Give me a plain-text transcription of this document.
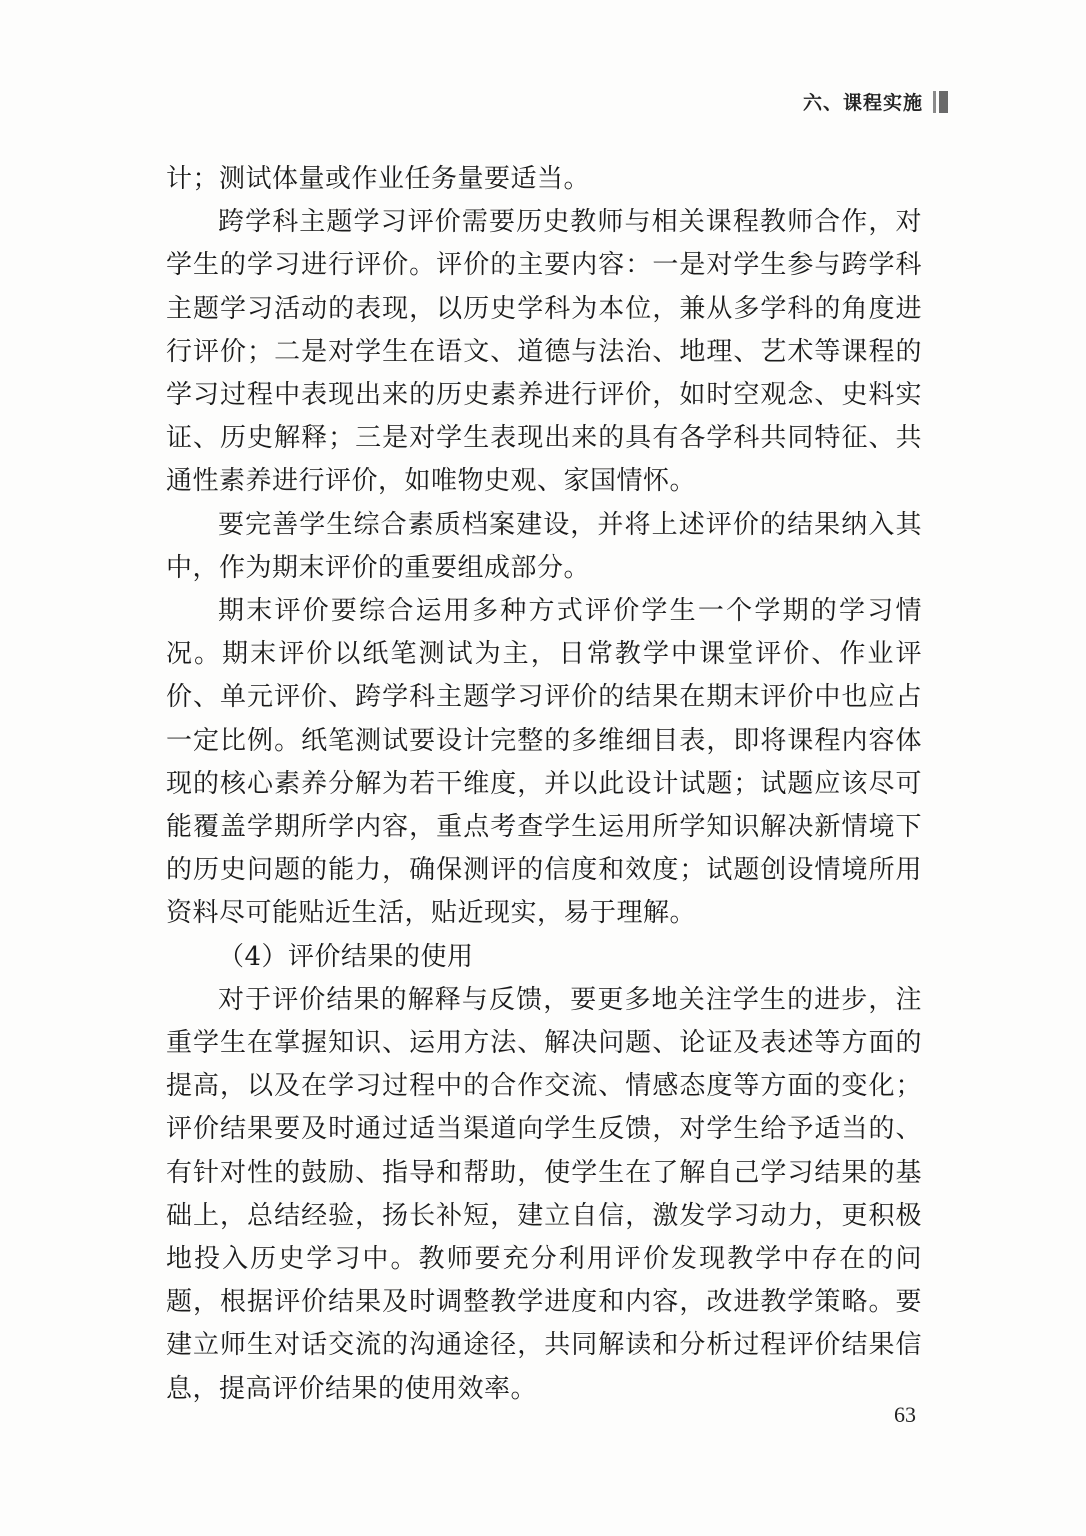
六、课程实施

计；测试体量或作业任务量要适当。

跨学科主题学习评价需要历史教师与相关课程教师合作，对学生的学习进行评价。评价的主要内容：一是对学生参与跨学科主题学习活动的表现，以历史学科为本位，兼从多学科的角度进行评价；二是对学生在语文、道德与法治、地理、艺术等课程的学习过程中表现出来的历史素养进行评价，如时空观念、史料实证、历史解释；三是对学生表现出来的具有各学科共同特征、共通性素养进行评价，如唯物史观、家国情怀。

要完善学生综合素质档案建设，并将上述评价的结果纳入其中，作为期末评价的重要组成部分。

期末评价要综合运用多种方式评价学生一个学期的学习情况。期末评价以纸笔测试为主，日常教学中课堂评价、作业评价、单元评价、跨学科主题学习评价的结果在期末评价中也应占一定比例。纸笔测试要设计完整的多维细目表，即将课程内容体现的核心素养分解为若干维度，并以此设计试题；试题应该尽可能覆盖学期所学内容，重点考查学生运用所学知识解决新情境下的历史问题的能力，确保测评的信度和效度；试题创设情境所用资料尽可能贴近生活，贴近现实，易于理解。

（4）评价结果的使用

对于评价结果的解释与反馈，要更多地关注学生的进步，注重学生在掌握知识、运用方法、解决问题、论证及表述等方面的提高，以及在学习过程中的合作交流、情感态度等方面的变化；评价结果要及时通过适当渠道向学生反馈，对学生给予适当的、有针对性的鼓励、指导和帮助，使学生在了解自己学习结果的基础上，总结经验，扬长补短，建立自信，激发学习动力，更积极地投入历史学习中。教师要充分利用评价发现教学中存在的问题，根据评价结果及时调整教学进度和内容，改进教学策略。要建立师生对话交流的沟通途径，共同解读和分析过程评价结果信息，提高评价结果的使用效率。

63
